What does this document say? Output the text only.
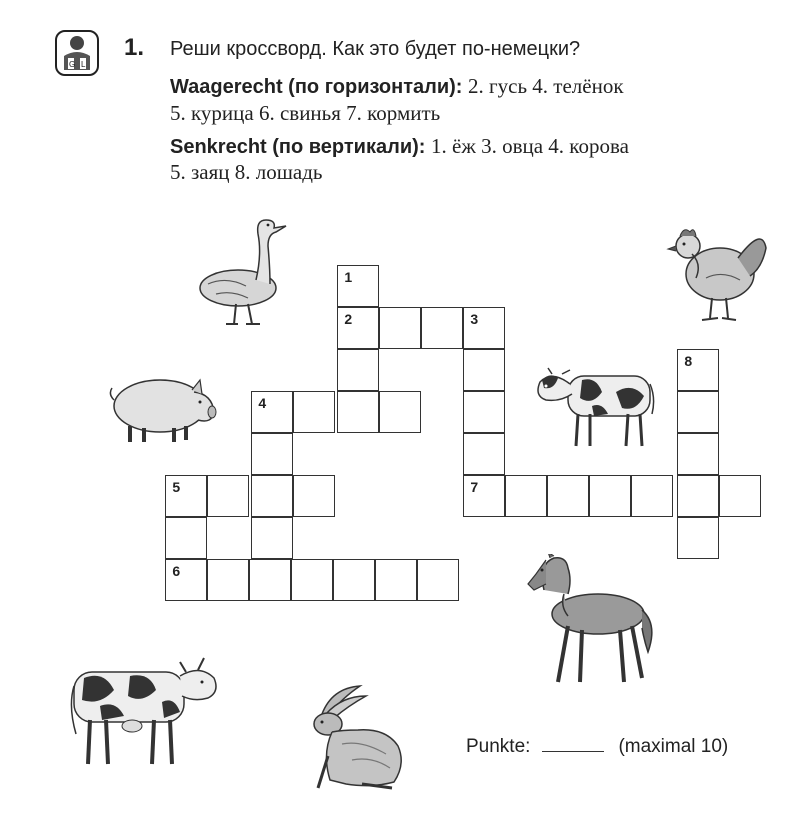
G L
1. Реши кроссворд. Как это будет по-немецки?
Waagerecht (по горизонтали): 2. гусь 4. телёнок
5. курица 6. свинья 7. кормить
Senkrecht (по вертикали): 1. ёж 3. овца 4. корова
5. заяц 8. лошадь
1
2	3
7
4
5
6
8
Punkte:	(maximal 10)
